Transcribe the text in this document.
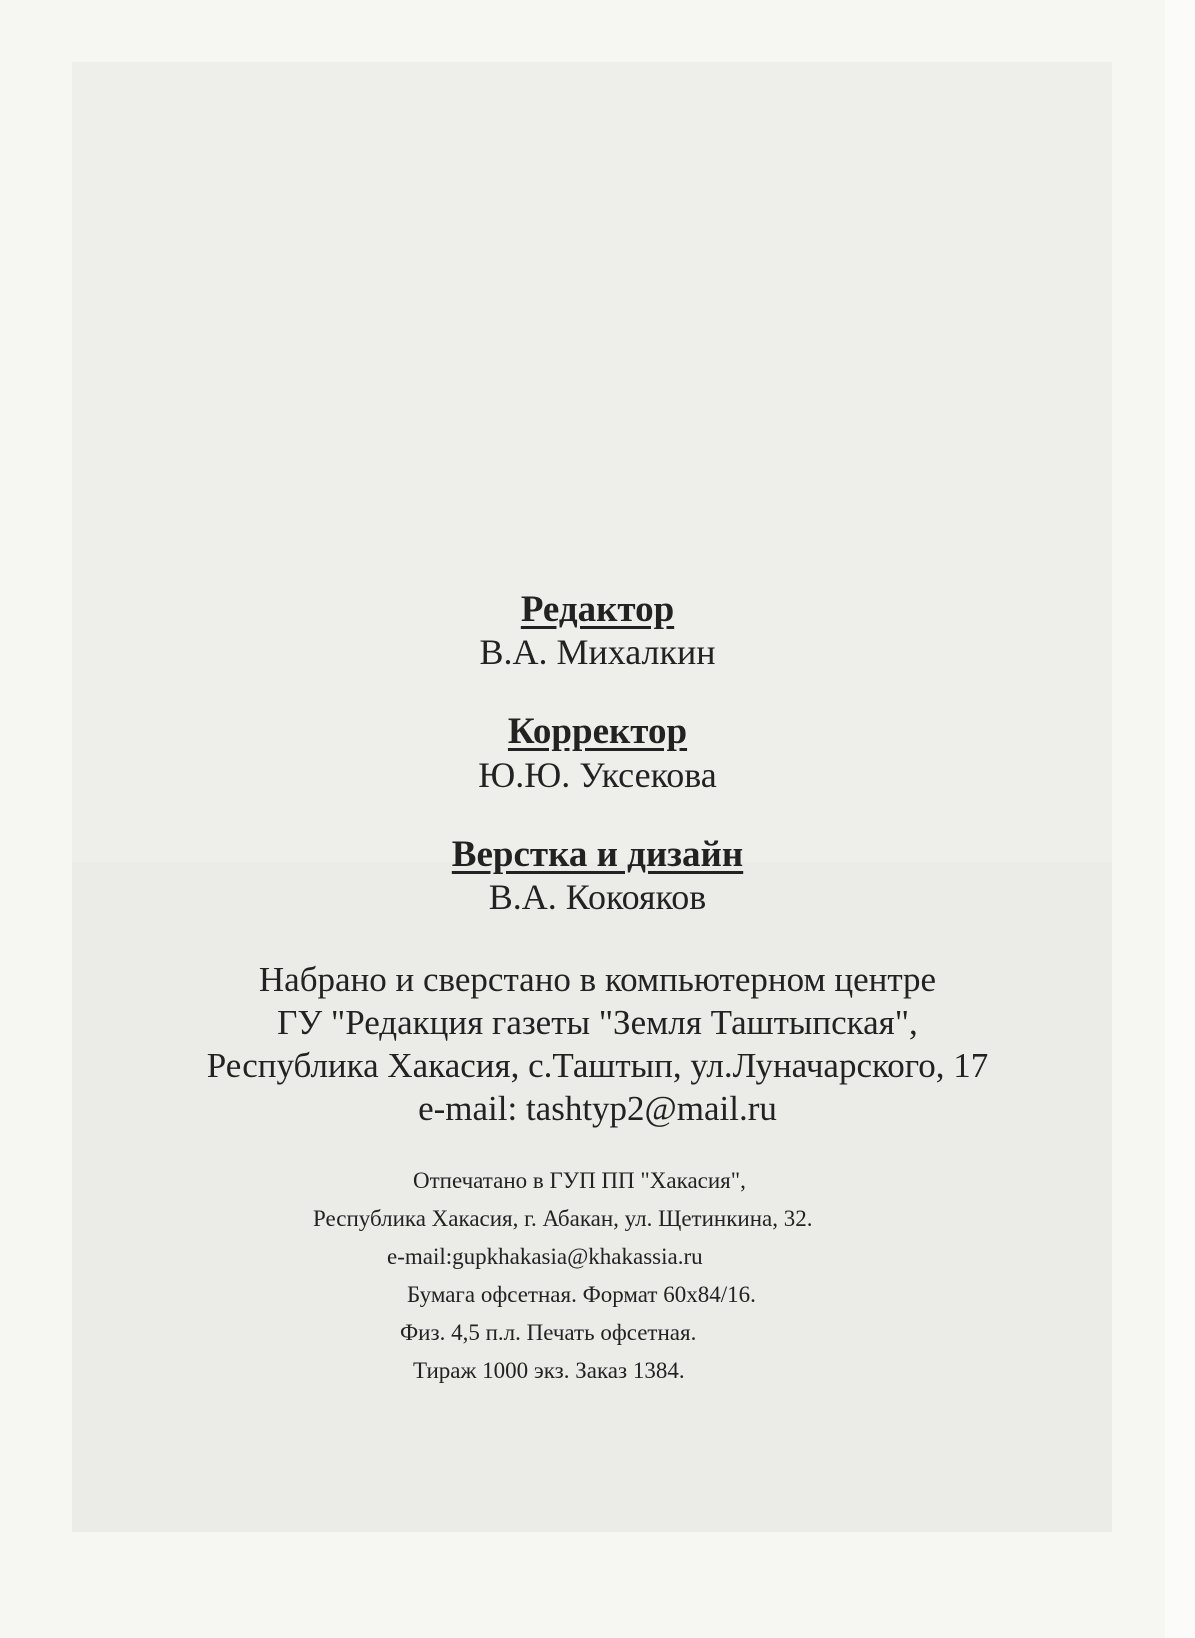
Редактор
В.А. Михалкин
Корректор
Ю.Ю. Уксекова
Верстка и дизайн
В.А. Кокояков
Набрано и сверстано в компьютерном центре
ГУ "Редакция газеты "Земля Таштыпская",
Республика Хакасия, с.Таштып, ул.Луначарского, 17
e-mail: tashtyp2@mail.ru
Отпечатано в ГУП ПП "Хакасия",
Республика Хакасия, г. Абакан, ул. Щетинкина, 32.
e-mail:gupkhakasia@khakassia.ru
Бумага офсетная. Формат 60x84/16.
Физ. 4,5 п.л. Печать офсетная.
Тираж 1000 экз. Заказ 1384.
